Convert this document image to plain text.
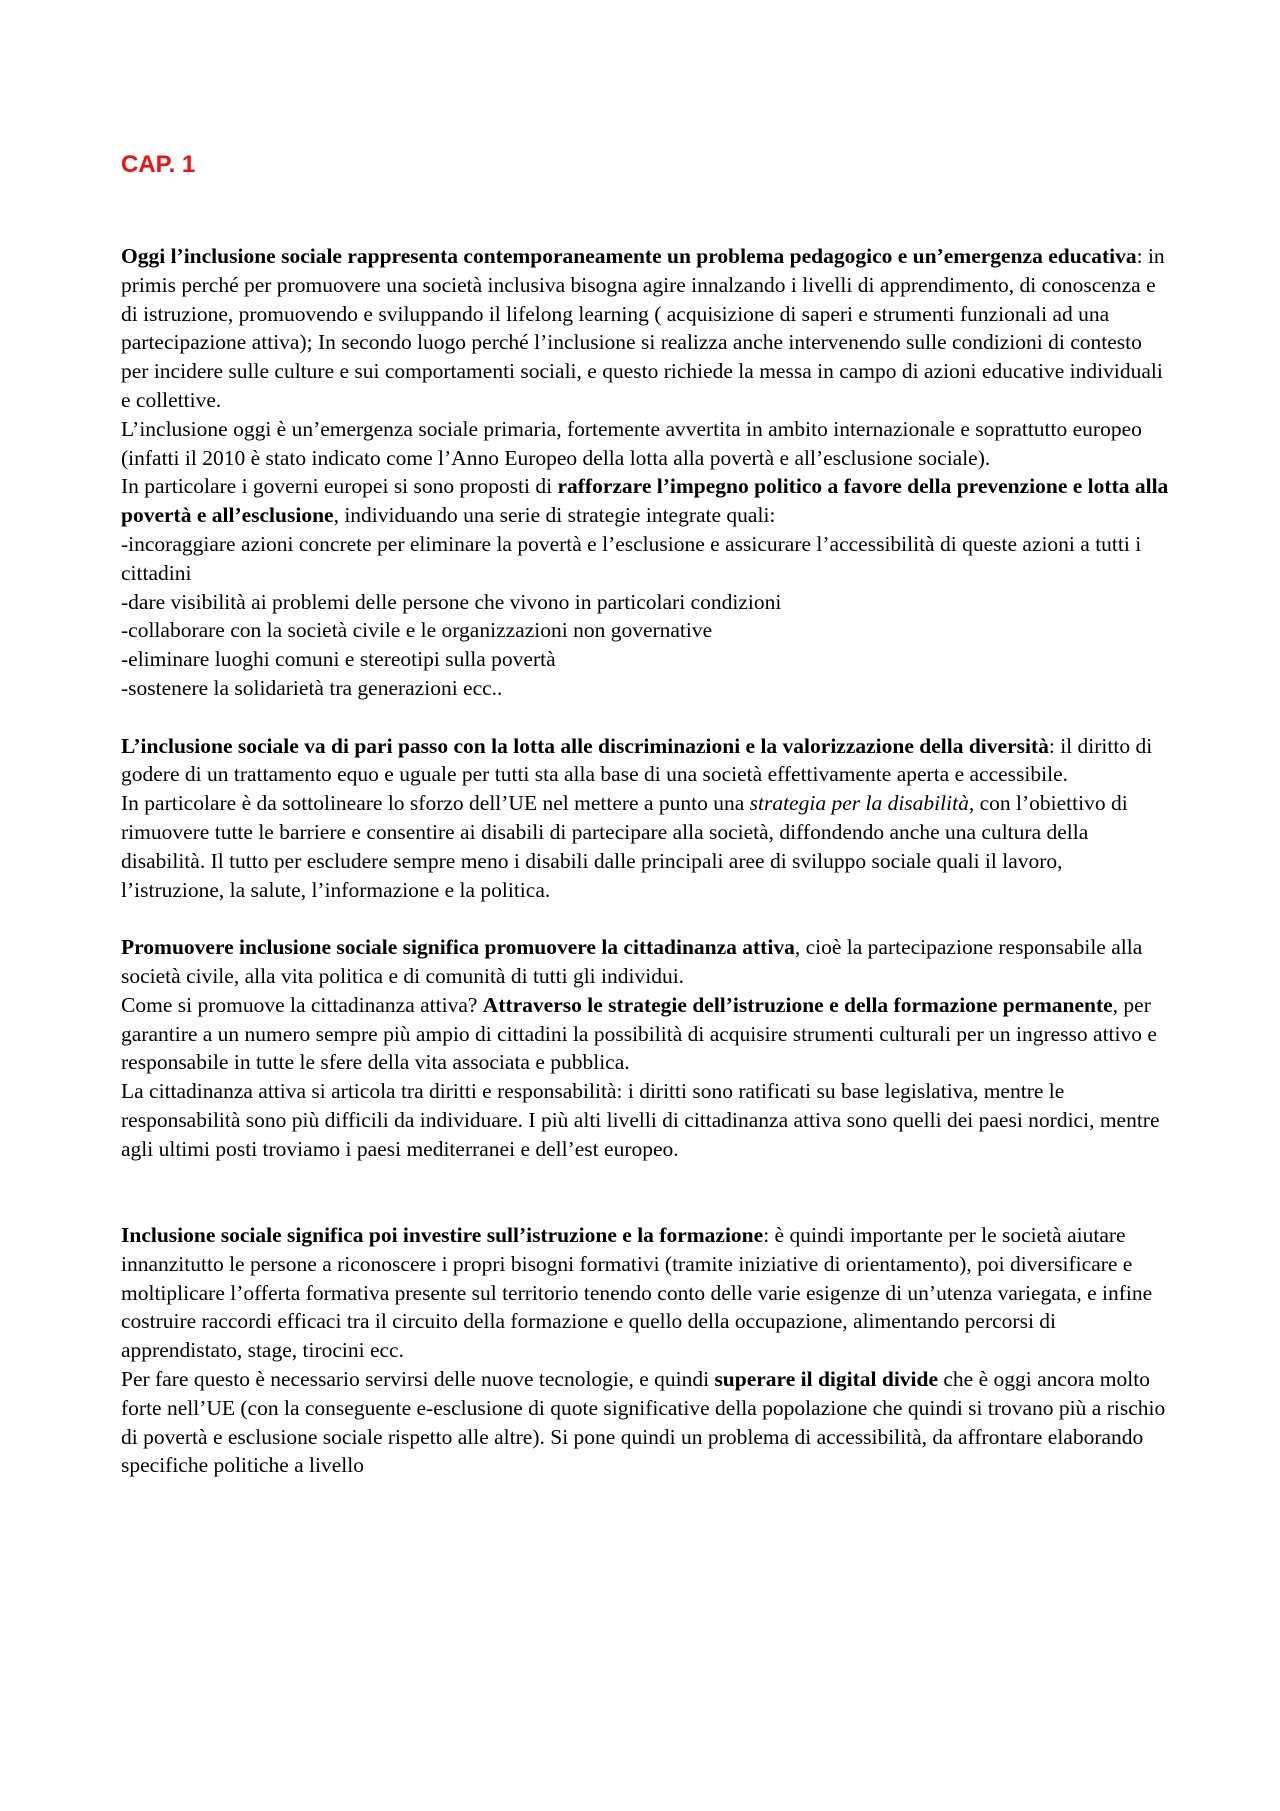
CAP. 1

Oggi l’inclusione sociale rappresenta contemporaneamente un problema pedagogico e un’emergenza educativa: in primis perché per promuovere una società inclusiva bisogna agire innalzando i livelli di apprendimento, di conoscenza e di istruzione, promuovendo e sviluppando il lifelong learning ( acquisizione di saperi e strumenti funzionali ad una partecipazione attiva); In secondo luogo perché l’inclusione si realizza anche intervenendo sulle condizioni di contesto per incidere sulle culture e sui comportamenti sociali, e questo richiede la messa in campo di azioni educative individuali e collettive.

L’inclusione oggi è un’emergenza sociale primaria, fortemente avvertita in ambito internazionale e soprattutto europeo (infatti il 2010 è stato indicato come l’Anno Europeo della lotta alla povertà e all’esclusione sociale).

In particolare i governi europei si sono proposti di rafforzare l’impegno politico a favore della prevenzione e lotta alla povertà e all’esclusione, individuando una serie di strategie integrate quali:

-incoraggiare azioni concrete per eliminare la povertà e l’esclusione e assicurare l’accessibilità di queste azioni a tutti i cittadini

-dare visibilità ai problemi delle persone che vivono in particolari condizioni

-collaborare con la società civile e le organizzazioni non governative

-eliminare luoghi comuni e stereotipi sulla povertà

-sostenere la solidarietà tra generazioni ecc..

L’inclusione sociale va di pari passo con la lotta alle discriminazioni e la valorizzazione della diversità: il diritto di godere di un trattamento equo e uguale per tutti sta alla base di una società effettivamente aperta e accessibile.

In particolare è da sottolineare lo sforzo dell’UE nel mettere a punto una strategia per la disabilità, con l’obiettivo di rimuovere tutte le barriere e consentire ai disabili di partecipare alla società, diffondendo anche una cultura della disabilità. Il tutto per escludere sempre meno i disabili dalle principali aree di sviluppo sociale quali il lavoro, l’istruzione, la salute, l’informazione e la politica.

Promuovere inclusione sociale significa promuovere la cittadinanza attiva, cioè la partecipazione responsabile alla società civile, alla vita politica e di comunità di tutti gli individui.

Come si promuove la cittadinanza attiva? Attraverso le strategie dell’istruzione e della formazione permanente, per garantire a un numero sempre più ampio di cittadini la possibilità di acquisire strumenti culturali per un ingresso attivo e responsabile in tutte le sfere della vita associata e pubblica.

La cittadinanza attiva si articola tra diritti e responsabilità: i diritti sono ratificati su base legislativa, mentre le responsabilità sono più difficili da individuare. I più alti livelli di cittadinanza attiva sono quelli dei paesi nordici, mentre agli ultimi posti troviamo i paesi mediterranei e dell’est europeo.

Inclusione sociale significa poi investire sull’istruzione e la formazione: è quindi importante per le società aiutare innanzitutto le persone a riconoscere i propri bisogni formativi (tramite iniziative di orientamento), poi diversificare e moltiplicare l’offerta formativa presente sul territorio tenendo conto delle varie esigenze di un’utenza variegata, e infine costruire raccordi efficaci tra il circuito della formazione e quello della occupazione, alimentando percorsi di apprendistato, stage, tirocini ecc.

Per fare questo è necessario servirsi delle nuove tecnologie, e quindi superare il digital divide che è oggi ancora molto forte nell’UE (con la conseguente e-esclusione di quote significative della popolazione che quindi si trovano più a rischio di povertà e esclusione sociale rispetto alle altre). Si pone quindi un problema di accessibilità, da affrontare elaborando specifiche politiche a livello
